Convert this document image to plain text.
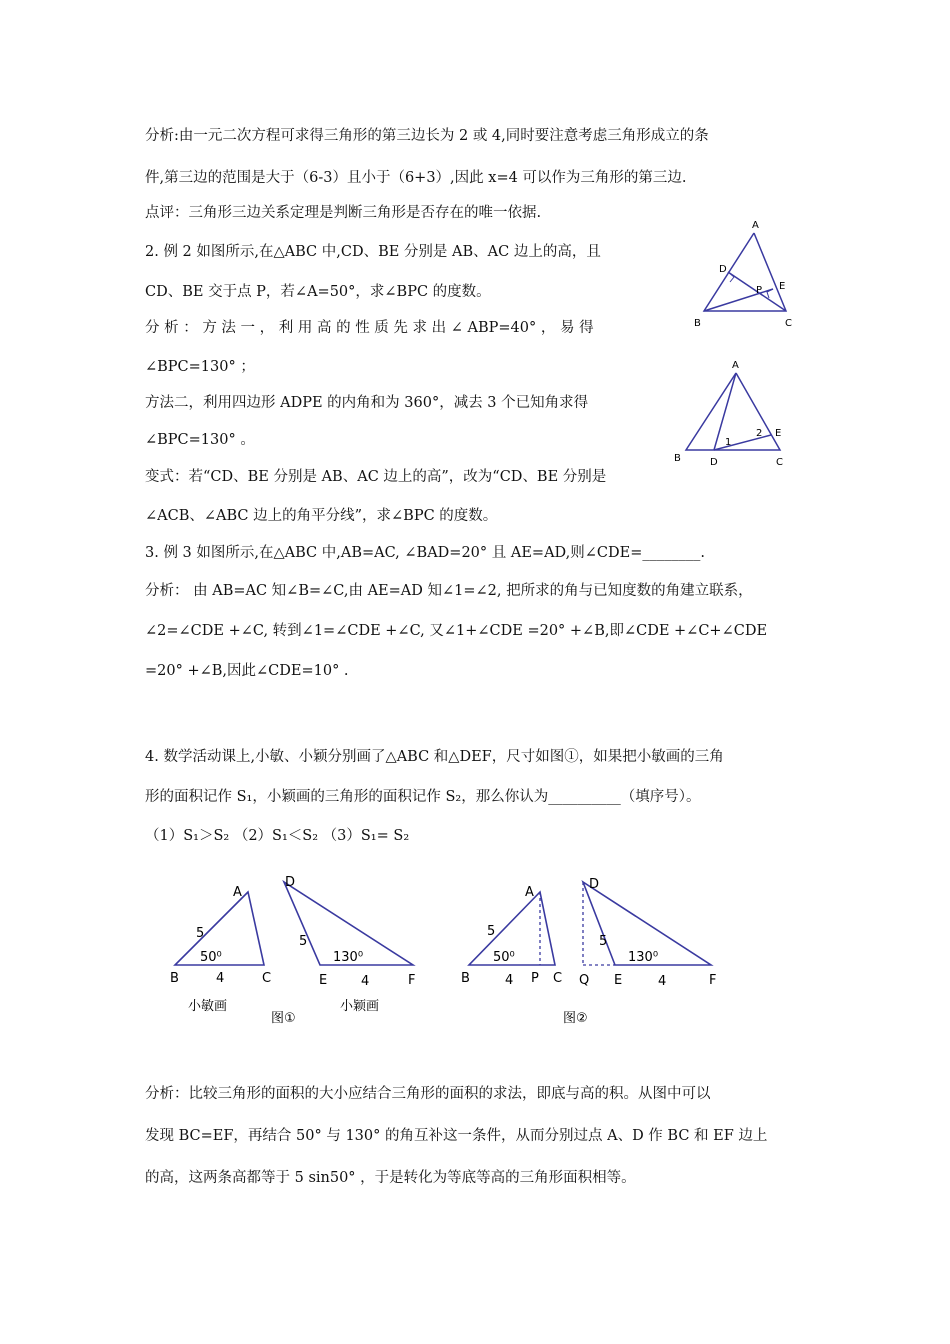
分析:由一元二次方程可求得三角形的第三边长为 2 或 4,同时要注意考虑三角形成立的条
件,第三边的范围是大于（6-3）且小于（6+3）,因此 x=4 可以作为三角形的第三边.
点评：三角形三边关系定理是判断三角形是否存在的唯一依据.
2. 例 2 如图所示,在△ABC 中,CD、BE 分别是 AB、AC 边上的高，且
CD、BE 交于点 P，若∠A=50°，求∠BPC 的度数。
分 析 ： 方 法 一 ， 利 用 高 的 性 质 先 求 出 ∠ ABP=40° ， 易 得
∠BPC=130° ；
方法二，利用四边形 ADPE 的内角和为 360°，减去 3 个已知角求得
∠BPC=130° 。
变式：若“CD、BE 分别是 AB、AC 边上的高”，改为“CD、BE 分别是
∠ACB、∠ABC 边上的角平分线”，求∠BPC 的度数。
3. 例 3 如图所示,在△ABC 中,AB=AC, ∠BAD=20° 且 AE=AD,则∠CDE=________.
分析： 由 AB=AC 知∠B=∠C,由 AE=AD 知∠1=∠2, 把所求的角与已知度数的角建立联系，
∠2=∠CDE +∠C, 转到∠1=∠CDE +∠C, 又∠1+∠CDE =20° +∠B,即∠CDE +∠C+∠CDE
=20° +∠B,因此∠CDE=10° .
4. 数学活动课上,小敏、小颖分别画了△ABC 和△DEF，尺寸如图①，如果把小敏画的三角
形的面积记作 S₁，小颖画的三角形的面积记作 S₂，那么你认为__________（填序号）。
（1）S₁＞S₂ （2）S₁＜S₂ （3）S₁= S₂
分析：比较三角形的面积的大小应结合三角形的面积的求法，即底与高的积。从图中可以
发现 BC=EF，再结合 50° 与 130° 的角互补这一条件，从而分别过点 A、D 作 BC 和 EF 边上
的高，这两条高都等于 5 sin50° ，于是转化为等底等高的三角形面积相等。
A
B	C
D
E
P
A
B	C
D
E
1
2
A
B	C
5
50⁰
4
D
E	F
5
130⁰
4
小敏画	小颖画
图①
A
B	P C
5
50⁰
4
D
Q E	F
5
130⁰
4
图②
